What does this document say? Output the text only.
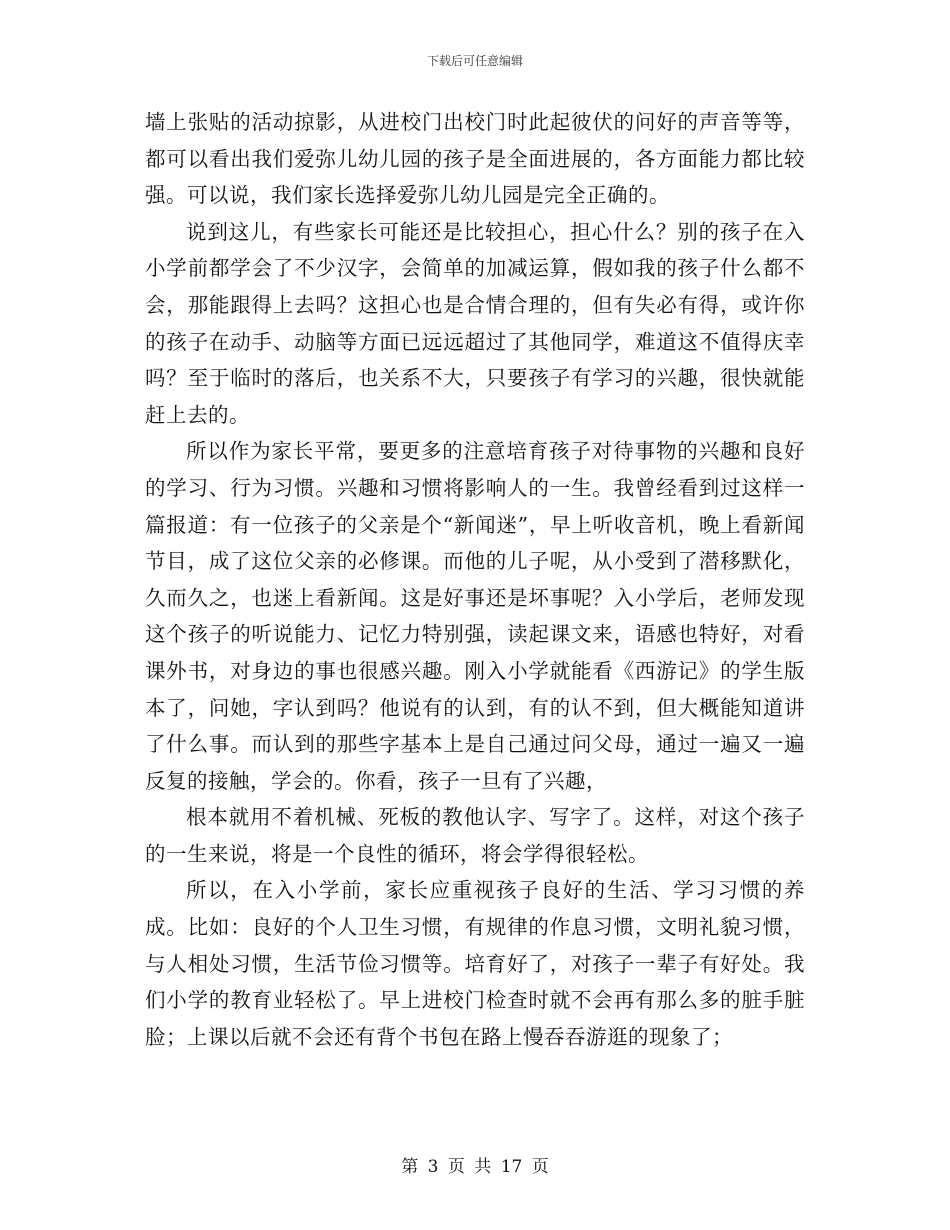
下载后可任意编辑

墙上张贴的活动掠影，从进校门出校门时此起彼伏的问好的声音等等，都可以看出我们爱弥儿幼儿园的孩子是全面进展的，各方面能力都比较强。可以说，我们家长选择爱弥儿幼儿园是完全正确的。

说到这儿，有些家长可能还是比较担心，担心什么？别的孩子在入小学前都学会了不少汉字，会简单的加减运算，假如我的孩子什么都不会，那能跟得上去吗？这担心也是合情合理的，但有失必有得，或许你的孩子在动手、动脑等方面已远远超过了其他同学，难道这不值得庆幸吗？至于临时的落后，也关系不大，只要孩子有学习的兴趣，很快就能赶上去的。

所以作为家长平常，要更多的注意培育孩子对待事物的兴趣和良好的学习、行为习惯。兴趣和习惯将影响人的一生。我曾经看到过这样一篇报道：有一位孩子的父亲是个“新闻迷”，早上听收音机，晚上看新闻节目，成了这位父亲的必修课。而他的儿子呢，从小受到了潜移默化，久而久之，也迷上看新闻。这是好事还是坏事呢？入小学后，老师发现这个孩子的听说能力、记忆力特别强，读起课文来，语感也特好，对看课外书，对身边的事也很感兴趣。刚入小学就能看《西游记》的学生版本了，问她，字认到吗？他说有的认到，有的认不到，但大概能知道讲了什么事。而认到的那些字基本上是自己通过问父母，通过一遍又一遍反复的接触，学会的。你看，孩子一旦有了兴趣，

根本就用不着机械、死板的教他认字、写字了。这样，对这个孩子的一生来说，将是一个良性的循环，将会学得很轻松。

所以，在入小学前，家长应重视孩子良好的生活、学习习惯的养成。比如：良好的个人卫生习惯，有规律的作息习惯，文明礼貌习惯，与人相处习惯，生活节俭习惯等。培育好了，对孩子一辈子有好处。我们小学的教育业轻松了。早上进校门检查时就不会再有那么多的脏手脏脸；上课以后就不会还有背个书包在路上慢吞吞游逛的现象了；

第 3 页 共 17 页
